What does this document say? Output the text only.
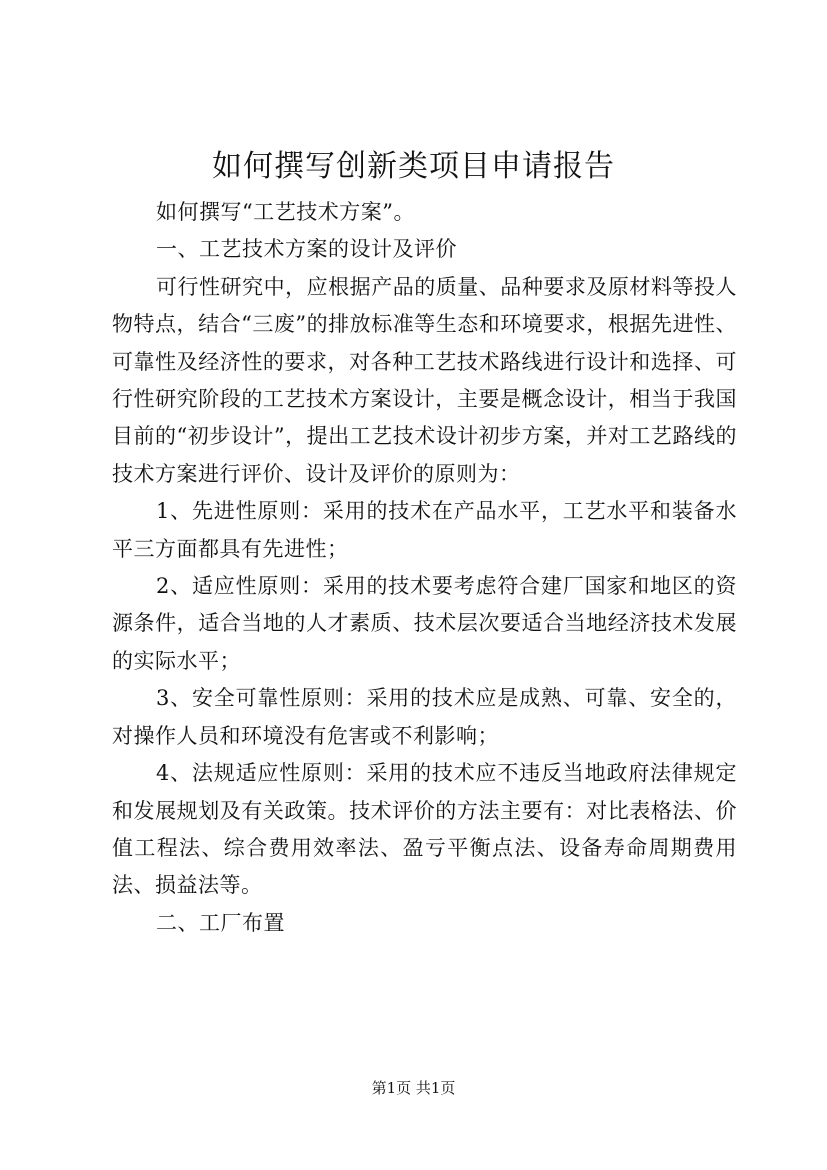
如何撰写创新类项目申请报告

如何撰写“工艺技术方案”。

一、工艺技术方案的设计及评价

可行性研究中，应根据产品的质量、品种要求及原材料等投人物特点，结合“三废”的排放标准等生态和环境要求，根据先进性、可靠性及经济性的要求，对各种工艺技术路线进行设计和选择、可行性研究阶段的工艺技术方案设计，主要是概念设计，相当于我国目前的“初步设计”，提出工艺技术设计初步方案，并对工艺路线的技术方案进行评价、设计及评价的原则为：

1、先进性原则：采用的技术在产品水平，工艺水平和装备水平三方面都具有先进性；

2、适应性原则：采用的技术要考虑符合建厂国家和地区的资源条件，适合当地的人才素质、技术层次要适合当地经济技术发展的实际水平；

3、安全可靠性原则：采用的技术应是成熟、可靠、安全的，对操作人员和环境没有危害或不利影响；

4、法规适应性原则：采用的技术应不违反当地政府法律规定和发展规划及有关政策。技术评价的方法主要有：对比表格法、价值工程法、综合费用效率法、盈亏平衡点法、设备寿命周期费用法、损益法等。

二、工厂布置

第1页 共1页
